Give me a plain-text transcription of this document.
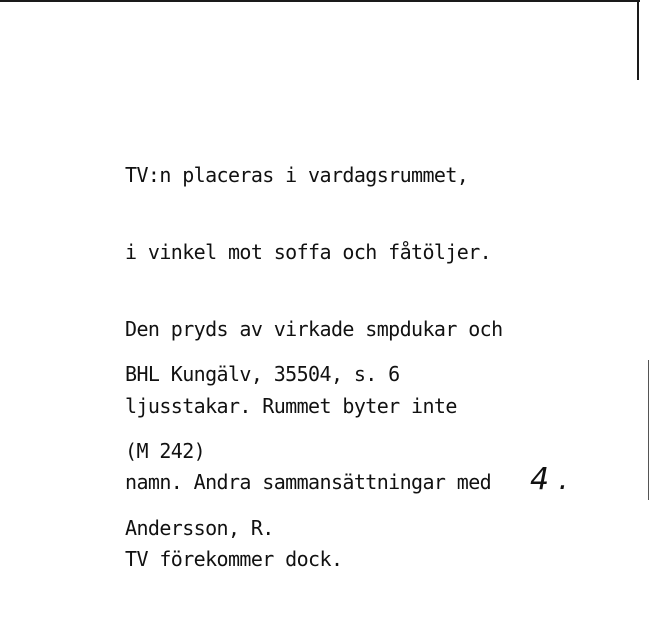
TV:n placeras i vardagsrummet,

i vinkel mot soffa och fåtöljer.

Den pryds av virkade smpdukar och

ljusstakar. Rummet byter inte

namn. Andra sammansättningar med

TV förekommer dock.

BHL Kungälv, 35504, s. 6

(M 242)

Andersson, R.

4 .
